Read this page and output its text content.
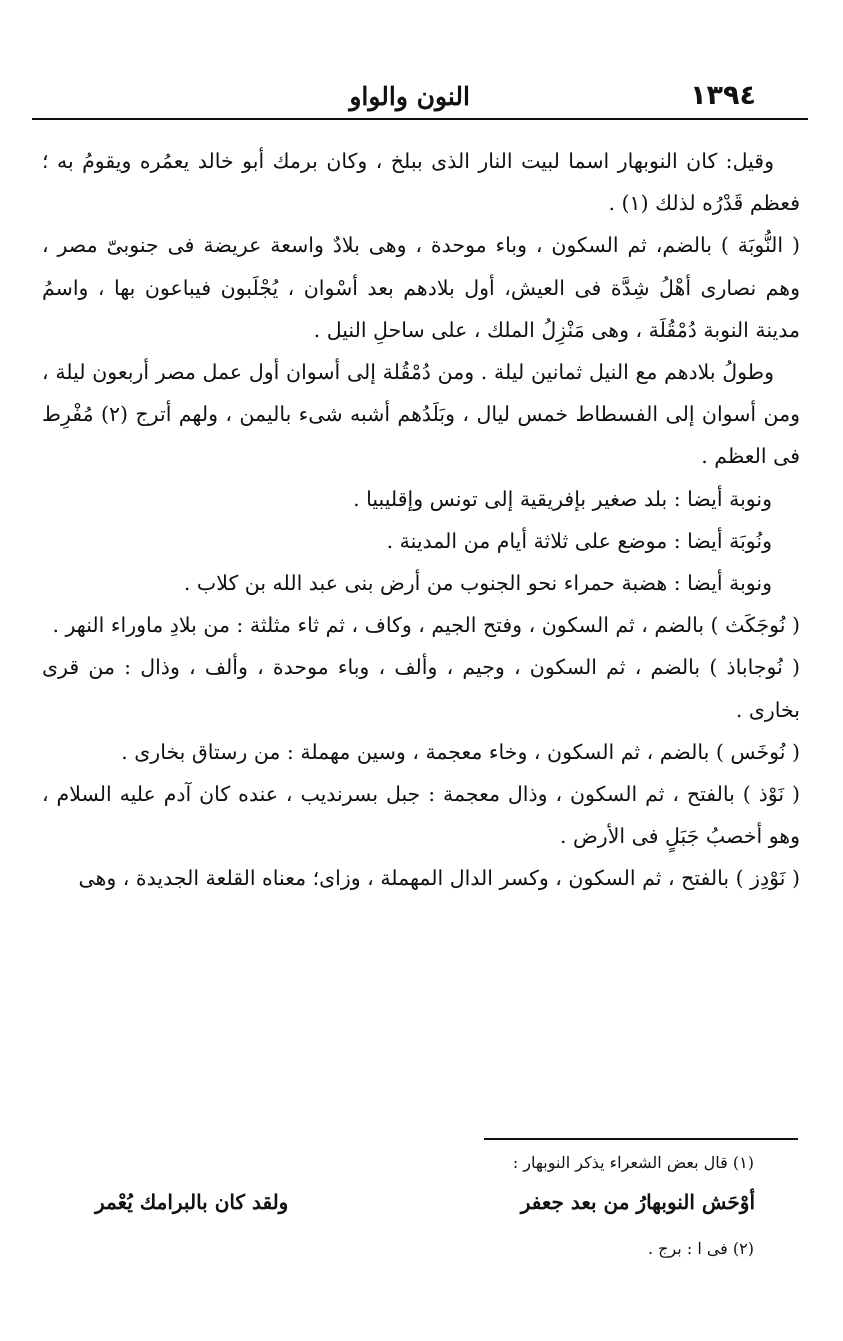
١٣٩٤
النون والواو

وقيل: كان النوبهار اسما لبيت النار الذى ببلخ ، وكان برمك أبو خالد يعمُره ويقومُ به ؛ فعظم قَدْرُه لذلك (١) .

( النُّوبَة ) بالضم، ثم السكون ، وباء موحدة ، وهى بلادٌ واسعة عريضة فى جنوبىّ مصر ، وهم نصارى أهْلُ شِدَّة فى العيش، أول بلادهم بعد أسْوان ، يُجْلَبون فيباعون بها ، واسمُ مدينة النوبة دُمْقُلَة ، وهى مَنْزِلُ الملك ، على ساحلِ النيل .

وطولُ بلادهم مع النيل ثمانين ليلة . ومن دُمْقُلة إلى أسوان أول عمل مصر أربعون ليلة ، ومن أسوان إلى الفسطاط خمس ليال ، وبَلَدُهم أشبه شىء باليمن ، ولهم أترج (٢) مُفْرِط فى العظم .

ونوبة أيضا : بلد صغير بإفريقية إلى تونس وإقليبيا .

ونُوبَة أيضا : موضع على ثلاثة أيام من المدينة .

ونوبة أيضا : هضبة حمراء نحو الجنوب من أرض بنى عبد الله بن كلاب .

( نُوجَكَث ) بالضم ، ثم السكون ، وفتح الجيم ، وكاف ، ثم ثاء مثلثة : من بلادِ ماوراء النهر .

( نُوجاباذ ) بالضم ، ثم السكون ، وجيم ، وألف ، وباء موحدة ، وألف ، وذال : من قرى بخارى .

( نُوخَس ) بالضم ، ثم السكون ، وخاء معجمة ، وسين مهملة : من رستاق بخارى .

( نَوْذ ) بالفتح ، ثم السكون ، وذال معجمة : جبل بسرنديب ، عنده كان آدم عليه السلام ، وهو أخصبُ جَبَلٍ فى الأرض .

( نَوْدِز ) بالفتح ، ثم السكون ، وكسر الدال المهملة ، وزاى؛ معناه القلعة الجديدة ، وهى

(١) قال بعض الشعراء يذكر النوبهار :
أوْحَش النوبهارُ من بعد جعفر
ولقد كان بالبرامك يُعْمر
(٢) فى ا : برج .
